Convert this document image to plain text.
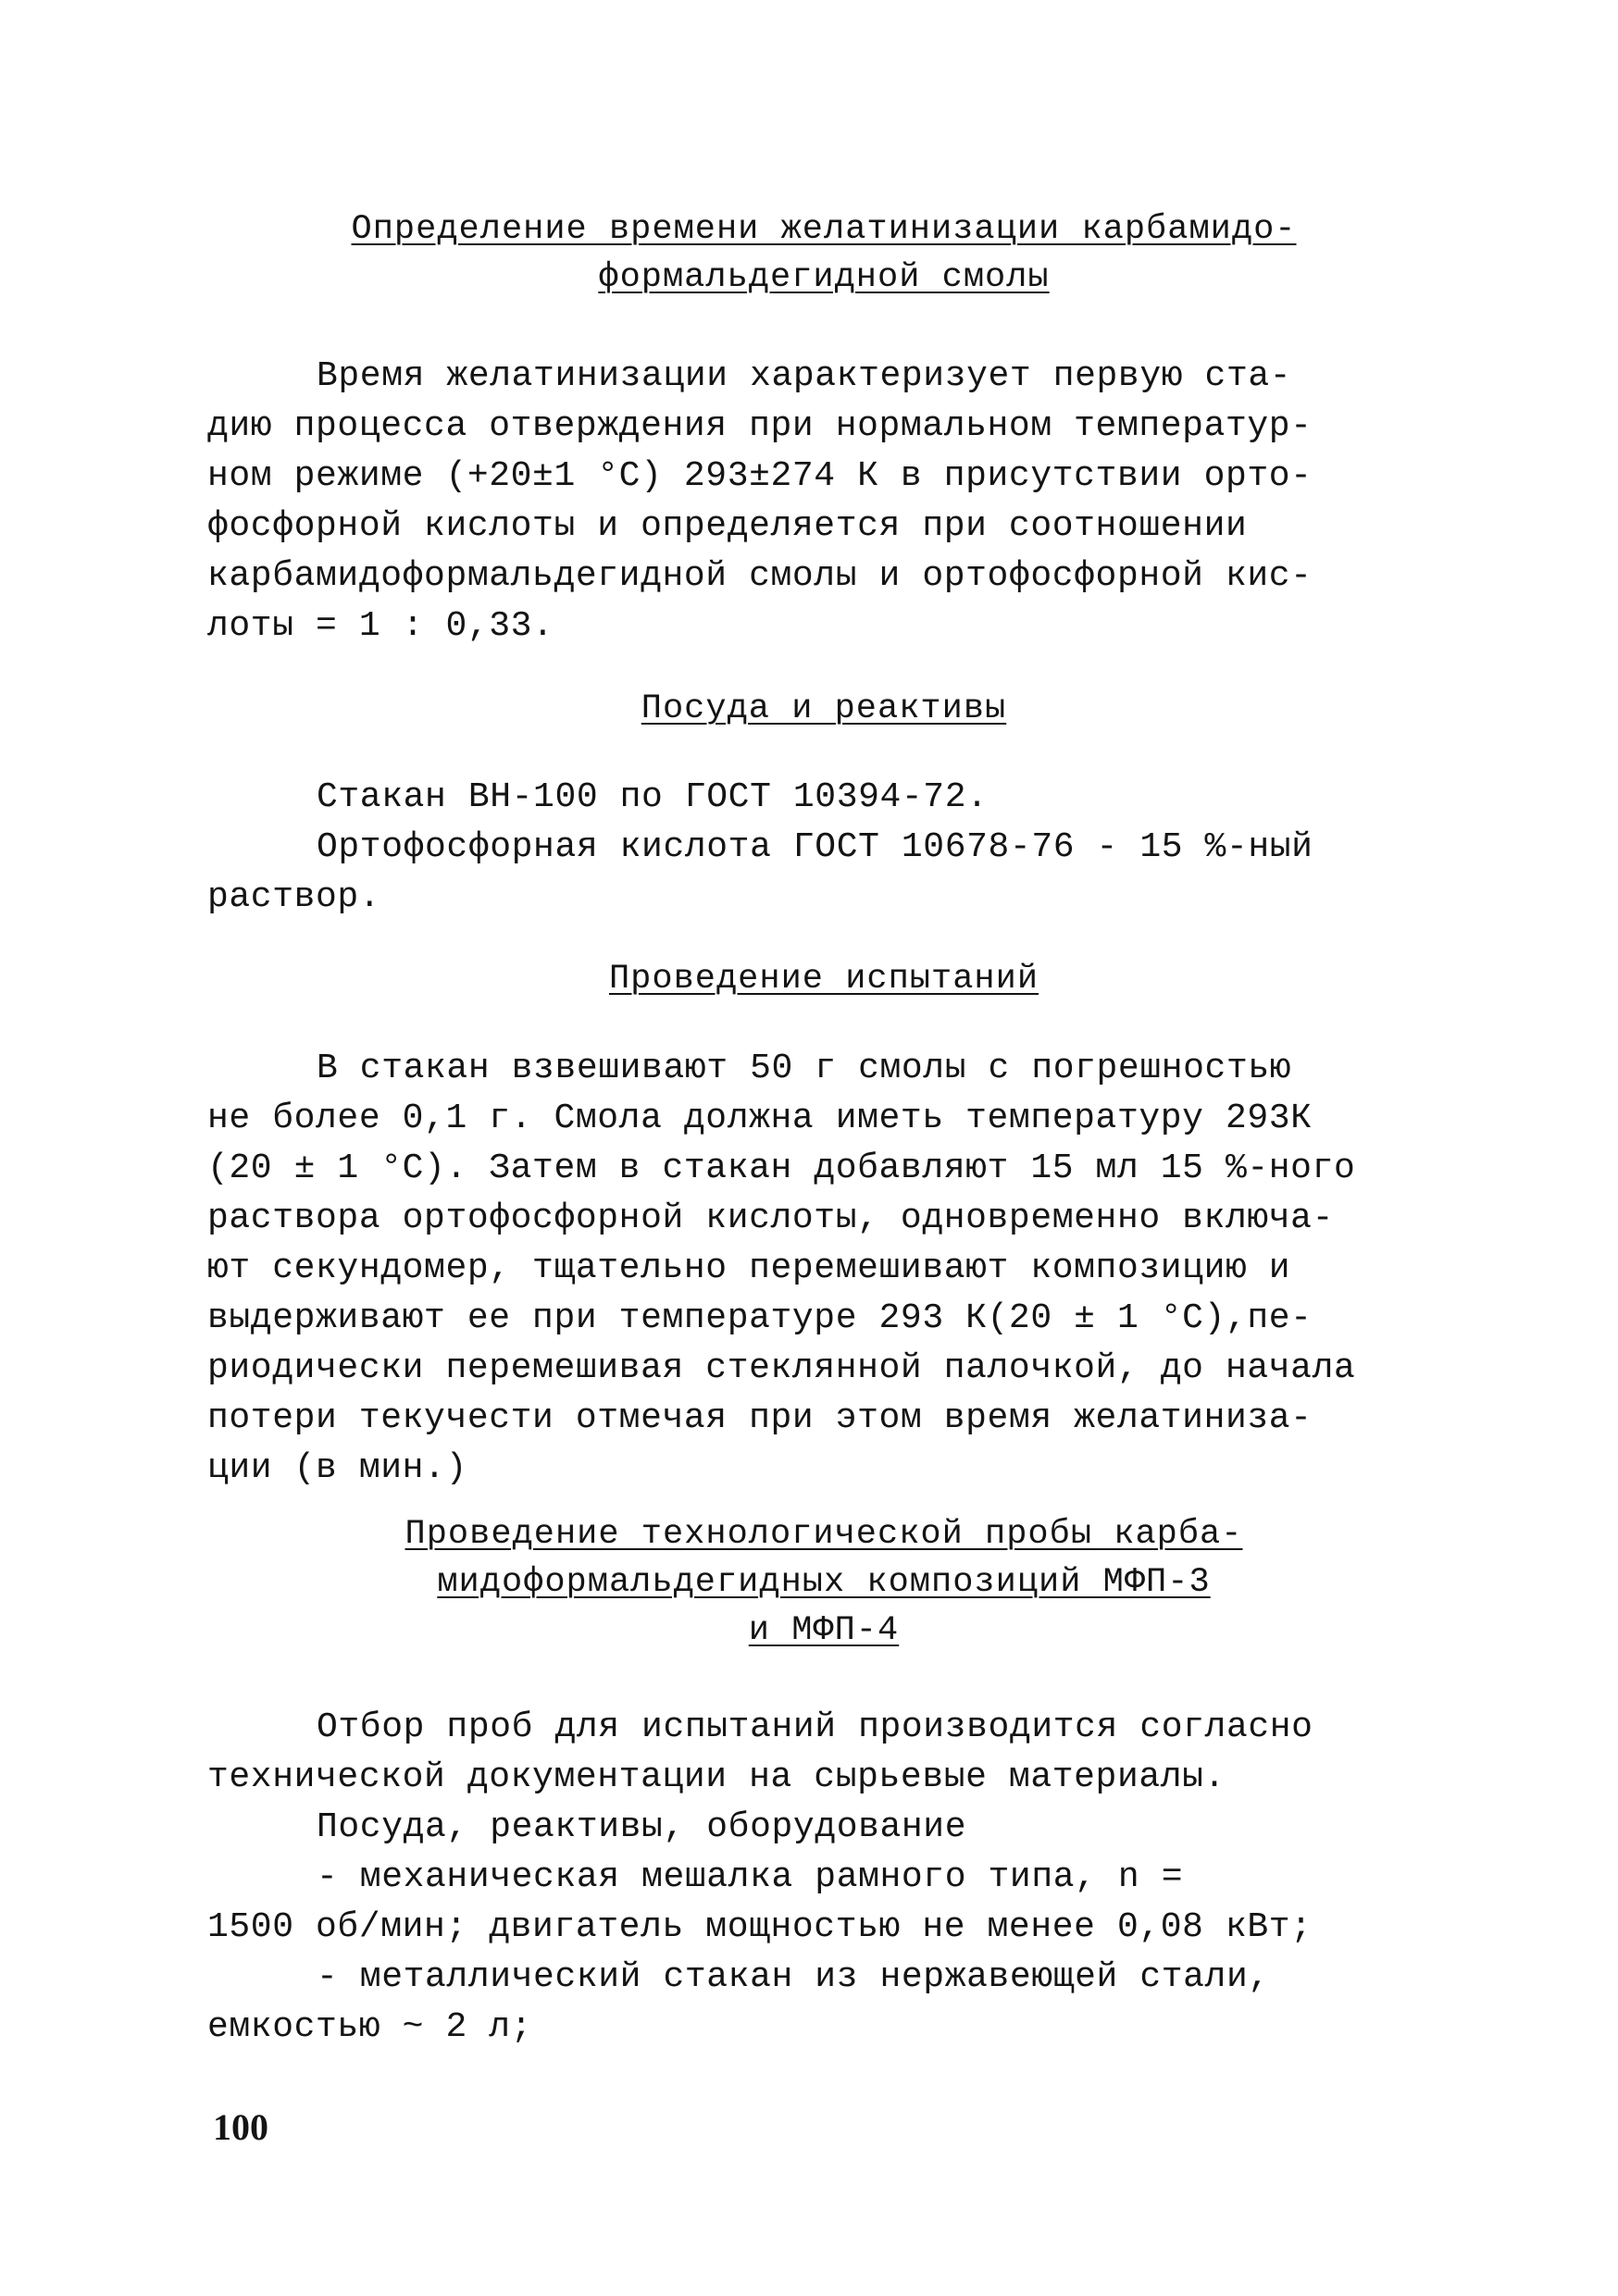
Определение времени желатинизации карбамидо-
формальдегидной смолы
Время желатинизации характеризует первую ста-
дию процесса отверждения при нормальном температур-
ном режиме (+20±1 °C) 293±274 К в присутствии орто-
фосфорной кислоты и определяется при соотношении
карбамидоформальдегидной смолы и ортофосфорной кис-
лоты = 1 : 0,33.
Посуда и реактивы
Стакан ВН-100 по ГОСТ 10394-72.
Ортофосфорная кислота ГОСТ 10678-76 - 15 %-ный
раствор.
Проведение испытаний
В стакан взвешивают 50 г смолы с погрешностью
не более 0,1 г. Смола должна иметь температуру 293К
(20 ± 1 °C). Затем в стакан добавляют 15 мл 15 %-ного
раствора ортофосфорной кислоты, одновременно включа-
ют секундомер, тщательно перемешивают композицию и
выдерживают ее при температуре 293 К(20 ± 1 °C),пе-
риодически перемешивая стеклянной палочкой, до начала
потери текучести отмечая при этом время желатиниза-
ции (в мин.)
Проведение технологической пробы карба-
мидоформальдегидных композиций МФП-3
и МФП-4
Отбор проб для испытаний производится согласно
технической документации на сырьевые материалы.
Посуда, реактивы, оборудование
- механическая мешалка рамного типа, n =
1500 об/мин; двигатель мощностью не менее 0,08 кВт;
- металлический стакан из нержавеющей стали,
емкостью ~ 2 л;
100
